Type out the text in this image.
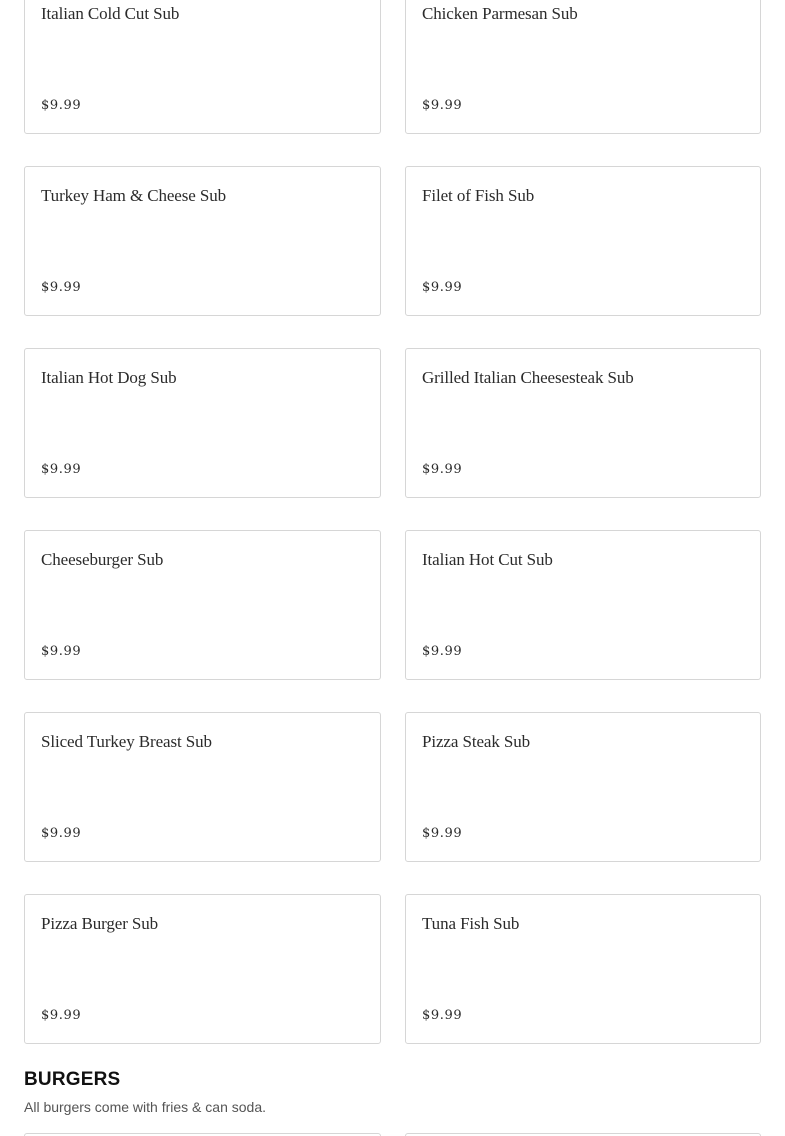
Italian Cold Cut Sub
$9.99
Chicken Parmesan Sub
$9.99
Turkey Ham & Cheese Sub
$9.99
Filet of Fish Sub
$9.99
Italian Hot Dog Sub
$9.99
Grilled Italian Cheesesteak Sub
$9.99
Cheeseburger Sub
$9.99
Italian Hot Cut Sub
$9.99
Sliced Turkey Breast Sub
$9.99
Pizza Steak Sub
$9.99
Pizza Burger Sub
$9.99
Tuna Fish Sub
$9.99
BURGERS

All burgers come with fries & can soda.
